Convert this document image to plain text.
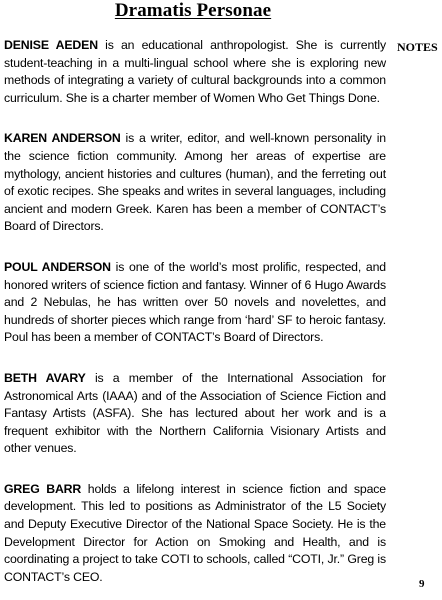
Dramatis Personae
NOTES

DENISE AEDEN is an educational anthropologist. She is currently student-teaching in a multi-lingual school where she is exploring new methods of integrating a variety of cultural backgrounds into a common curriculum. She is a charter member of Women Who Get Things Done.

KAREN ANDERSON is a writer, editor, and well-known personality in the science fiction community. Among her areas of expertise are mythology, ancient histories and cultures (human), and the ferreting out of exotic recipes. She speaks and writes in several languages, including ancient and modern Greek. Karen has been a member of CONTACT’s Board of Directors.

POUL ANDERSON is one of the world’s most prolific, respected, and honored writers of science fiction and fantasy. Winner of 6 Hugo Awards and 2 Nebulas, he has written over 50 novels and novelettes, and hundreds of shorter pieces which range from ‘hard’ SF to heroic fantasy. Poul has been a member of CONTACT’s Board of Directors.

BETH AVARY is a member of the International Association for Astronomical Arts (IAAA) and of the Association of Science Fiction and Fantasy Artists (ASFA). She has lectured about her work and is a frequent exhibitor with the Northern California Visionary Artists and other venues.

GREG BARR holds a lifelong interest in science fiction and space development. This led to positions as Administrator of the L5 Society and Deputy Executive Director of the National Space Society. He is the Development Director for Action on Smoking and Health, and is coordinating a project to take COTI to schools, called “COTI, Jr.” Greg is CONTACT’s CEO.

9
